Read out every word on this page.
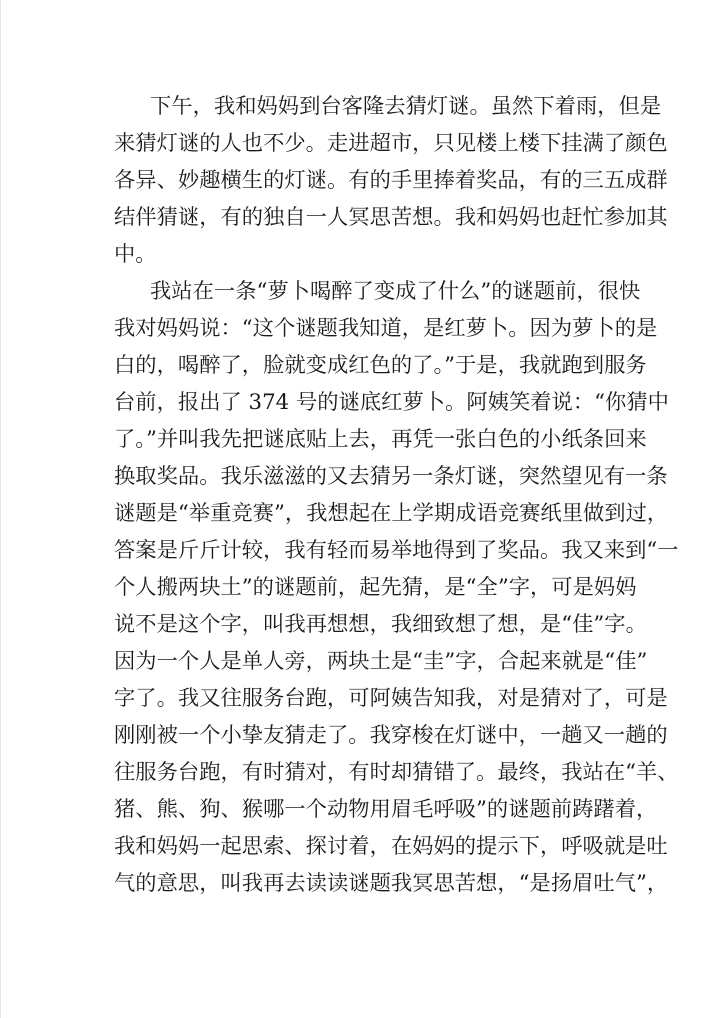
下午，我和妈妈到台客隆去猜灯谜。虽然下着雨，但是
来猜灯谜的人也不少。走进超市，只见楼上楼下挂满了颜色
各异、妙趣横生的灯谜。有的手里捧着奖品，有的三五成群
结伴猜谜，有的独自一人冥思苦想。我和妈妈也赶忙参加其
中。
我站在一条“萝卜喝醉了变成了什么”的谜题前，很快
我对妈妈说：“这个谜题我知道，是红萝卜。因为萝卜的是
白的，喝醉了，脸就变成红色的了。”于是，我就跑到服务
台前，报出了 374 号的谜底红萝卜。阿姨笑着说：“你猜中
了。”并叫我先把谜底贴上去，再凭一张白色的小纸条回来
换取奖品。我乐滋滋的又去猜另一条灯谜，突然望见有一条
谜题是“举重竞赛”，我想起在上学期成语竞赛纸里做到过，
答案是斤斤计较，我有轻而易举地得到了奖品。我又来到“一
个人搬两块土”的谜题前，起先猜，是“全”字，可是妈妈
说不是这个字，叫我再想想，我细致想了想，是“佳”字。
因为一个人是单人旁，两块土是“圭”字，合起来就是“佳”
字了。我又往服务台跑，可阿姨告知我，对是猜对了，可是
刚刚被一个小挚友猜走了。我穿梭在灯谜中，一趟又一趟的
往服务台跑，有时猜对，有时却猜错了。最终，我站在“羊、
猪、熊、狗、猴哪一个动物用眉毛呼吸”的谜题前踌躇着，
我和妈妈一起思索、探讨着，在妈妈的提示下，呼吸就是吐
气的意思，叫我再去读读谜题我冥思苦想，“是扬眉吐气”，
